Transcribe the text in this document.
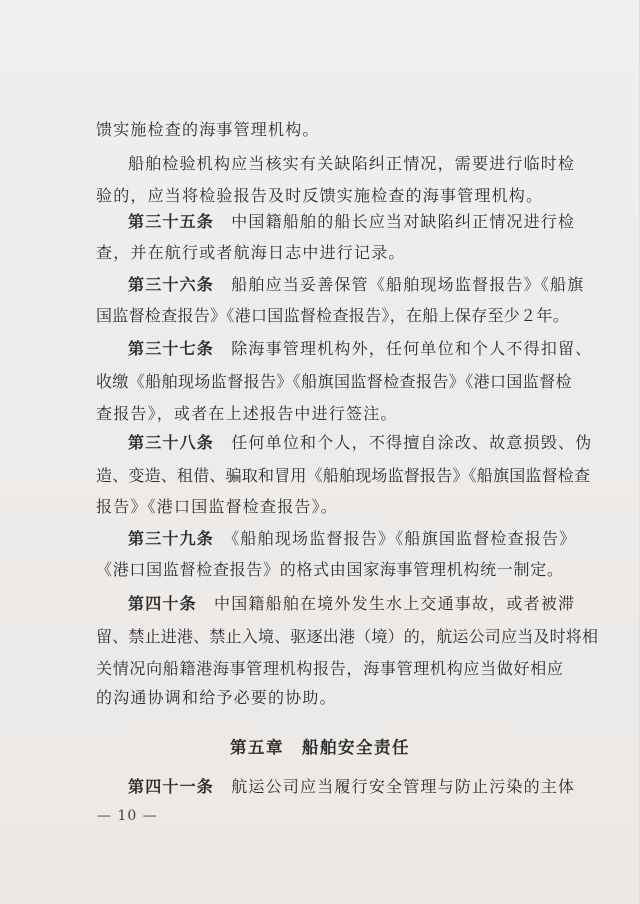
馈实施检查的海事管理机构。
船舶检验机构应当核实有关缺陷纠正情况，需要进行临时检
验的，应当将检验报告及时反馈实施检查的海事管理机构。
第三十五条　 中国籍船舶的船长应当对缺陷纠正情况进行检
查，并在航行或者航海日志中进行记录。
第三十六条　 船舶应当妥善保管《船舶现场监督报告》《船旗
国监督检查报告》《港口国监督检查报告》，在船上保存至少２年。
第三十七条　 除海事管理机构外，任何单位和个人不得扣留、
收缴《船舶现场监督报告》《船旗国监督检查报告》《港口国监督检
查报告》，或者在上述报告中进行签注。
第三十八条　 任何单位和个人，不得擅自涂改、故意损毁、伪
造、变造、租借、骗取和冒用《船舶现场监督报告》《船旗国监督检查
报告》《港口国监督检查报告》。
第三十九条　 《船舶现场监督报告》《船旗国监督检查报告》
《港口国监督检查报告》的格式由国家海事管理机构统一制定。
第四十条　 中国籍船舶在境外发生水上交通事故，或者被滞
留、禁止进港、禁止入境、驱逐出港（境）的，航运公司应当及时将相
关情况向船籍港海事管理机构报告，海事管理机构应当做好相应
的沟通协调和给予必要的协助。
第五章　船舶安全责任
第四十一条　 航运公司应当履行安全管理与防止污染的主体
— 10 —
